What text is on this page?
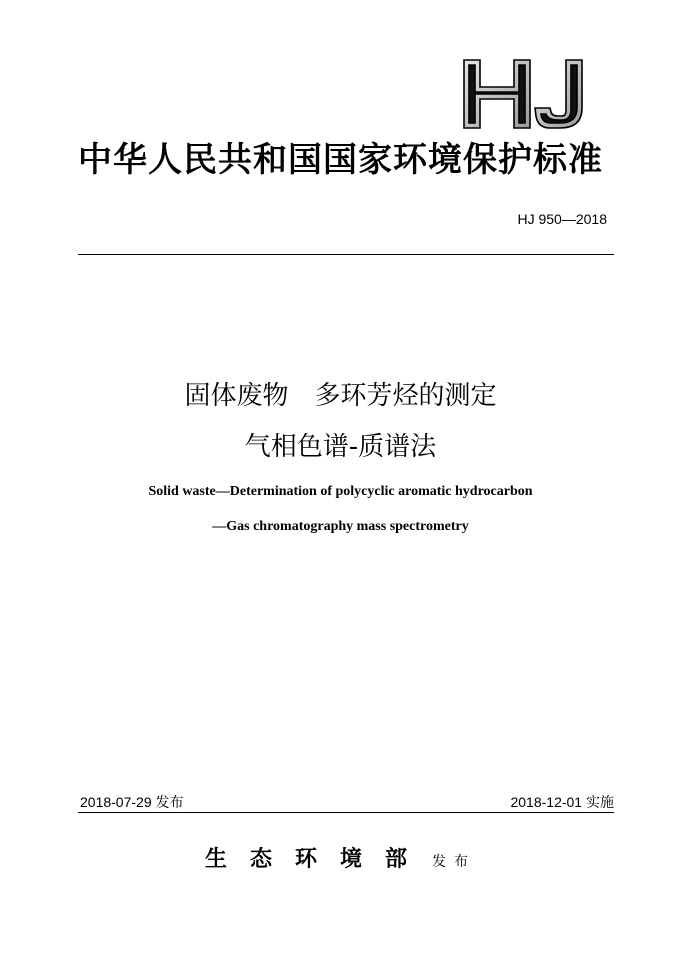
中华人民共和国国家环境保护标准
HJ 950—2018
固体废物　多环芳烃的测定
气相色谱-质谱法
Solid waste—Determination of polycyclic aromatic hydrocarbon
—Gas chromatography mass spectrometry
2018-07-29 发布	2018-12-01 实施
生态环境部 发布
